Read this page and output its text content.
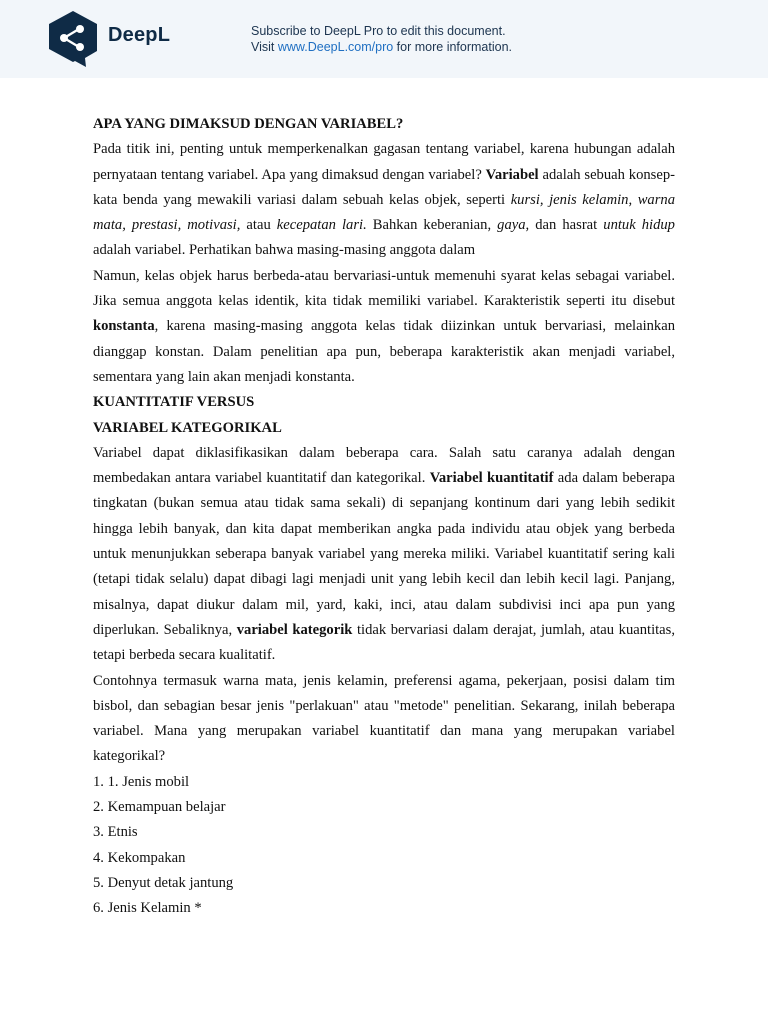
DeepL	Subscribe to DeepL Pro to edit this document.
Visit www.DeepL.com/pro for more information.

APA YANG DIMAKSUD DENGAN VARIABEL?

Pada titik ini, penting untuk memperkenalkan gagasan tentang variabel, karena hubungan adalah pernyataan tentang variabel. Apa yang dimaksud dengan variabel? Variabel adalah sebuah konsep-kata benda yang mewakili variasi dalam sebuah kelas objek, seperti kursi, jenis kelamin, warna mata, prestasi, motivasi, atau kecepatan lari. Bahkan keberanian, gaya, dan hasrat untuk hidup adalah variabel. Perhatikan bahwa masing-masing anggota dalam

Namun, kelas objek harus berbeda-atau bervariasi-untuk memenuhi syarat kelas sebagai variabel. Jika semua anggota kelas identik, kita tidak memiliki variabel. Karakteristik seperti itu disebut konstanta, karena masing-masing anggota kelas tidak diizinkan untuk bervariasi, melainkan dianggap konstan. Dalam penelitian apa pun, beberapa karakteristik akan menjadi variabel, sementara yang lain akan menjadi konstanta.

KUANTITATIF VERSUS

VARIABEL KATEGORIKAL

Variabel dapat diklasifikasikan dalam beberapa cara. Salah satu caranya adalah dengan membedakan antara variabel kuantitatif dan kategorikal. Variabel kuantitatif ada dalam beberapa tingkatan (bukan semua atau tidak sama sekali) di sepanjang kontinum dari yang lebih sedikit hingga lebih banyak, dan kita dapat memberikan angka pada individu atau objek yang berbeda untuk menunjukkan seberapa banyak variabel yang mereka miliki. Variabel kuantitatif sering kali (tetapi tidak selalu) dapat dibagi lagi menjadi unit yang lebih kecil dan lebih kecil lagi. Panjang, misalnya, dapat diukur dalam mil, yard, kaki, inci, atau dalam subdivisi inci apa pun yang diperlukan. Sebaliknya, variabel kategorik tidak bervariasi dalam derajat, jumlah, atau kuantitas, tetapi berbeda secara kualitatif.

Contohnya termasuk warna mata, jenis kelamin, preferensi agama, pekerjaan, posisi dalam tim bisbol, dan sebagian besar jenis "perlakuan" atau "metode" penelitian. Sekarang, inilah beberapa variabel. Mana yang merupakan variabel kuantitatif dan mana yang merupakan variabel kategorikal?

1. 1. Jenis mobil

2. Kemampuan belajar

3. Etnis

4. Kekompakan

5. Denyut detak jantung

6. Jenis Kelamin *
